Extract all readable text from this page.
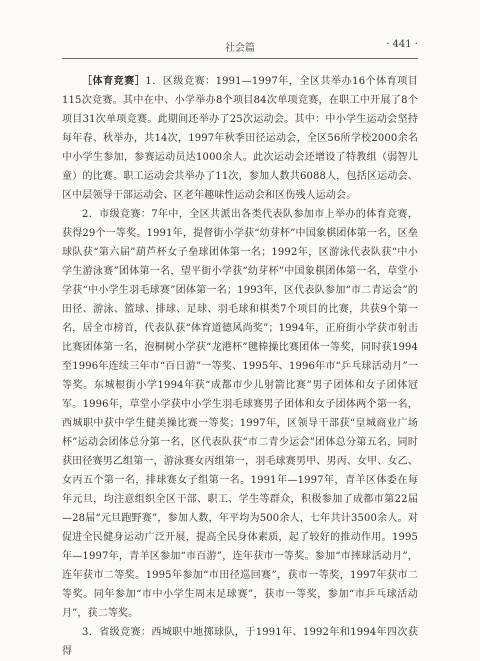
社会篇	· 441 ·

［体育竞赛］1．区级竞赛：1991—1997年，全区共举办16个体育项目115次竞赛。其中在中、小学举办8个项目84次单项竞赛，在职工中开展了8个项目31次单项竞赛。此期间还举办了25次运动会。其中：中小学生运动会坚持每年春、秋举办，共14次，1997年秋季田径运动会，全区56所学校2000余名中小学生参加，参赛运动员达1000余人。此次运动会还增设了特教组（弱智儿童）的比赛。职工运动会共举办了11次，参加人数共6088人，包括区运动会、区中层领导干部运动会、区老年趣味性运动会和区伤残人运动会。

2．市级竞赛：7年中，全区共派出各类代表队参加市上举办的体育竞赛，获得29个一等奖。1991年，提督街小学获“幼芽杯”中国象棋团体第一名，区垒球队获“第六届”葫芦杯女子垒球团体第一名；1992年，区游泳代表队获“中小学生游泳赛”团体第一名，望平街小学获“幼芽杯”中国象棋团体第一名，草堂小学获“中小学生羽毛球赛”团体第一名；1993年，区代表队参加“市二青运会”的田径、游泳、篮球、排球、足球、羽毛球和棋类7个项目的比赛，共获9个第一名，居全市榜首，代表队获“体育道德风尚奖”；1994年，正府街小学获市射击比赛团体第一名，泡桐树小学获“龙港杯”毽棒操比赛团体一等奖，同时获1994至1996年连续三年市“百日游”一等奖、1995年、1996年市“乒乓球活动月”一等奖。东城根街小学1994年获“成都市少儿射箭比赛”男子团体和女子团体冠军。1996年，草堂小学获中小学生羽毛球赛男子团体和女子团体两个第一名，西城职中获中学生健美操比赛一等奖；1997年，区领导干部获“皇城商业广场杯”运动会团体总分第一名，区代表队获“市二青少运会”团体总分第五名，同时获田径赛男乙组第一，游泳赛女丙组第一，羽毛球赛男甲、男丙、女甲、女乙、女丙五个第一名，排球赛女子组第一名。1991年—1997年，青羊区体委在每年元旦，均注意组织全区干部、职工、学生等群众，积极参加了成都市第22届—28届“元旦跑野赛”，参加人数，年平均为500余人，七年共计3500余人。对促进全民健身运动广泛开展，提高全民身体素质，起了较好的推动作用。1995年—1997年，青羊区参加“市百游”，连年获市一等奖。参加“市摔球活动月”，连年获市二等奖。1995年参加“市田径巡回赛”，获市一等奖，1997年获市二等奖。同年参加“市中小学生周末足球赛”，获市一等奖，参加“市乒乓球活动月”，获二等奖。

3．省级竞赛：西城职中地掷球队，于1991年、1992年和1994年四次获得
